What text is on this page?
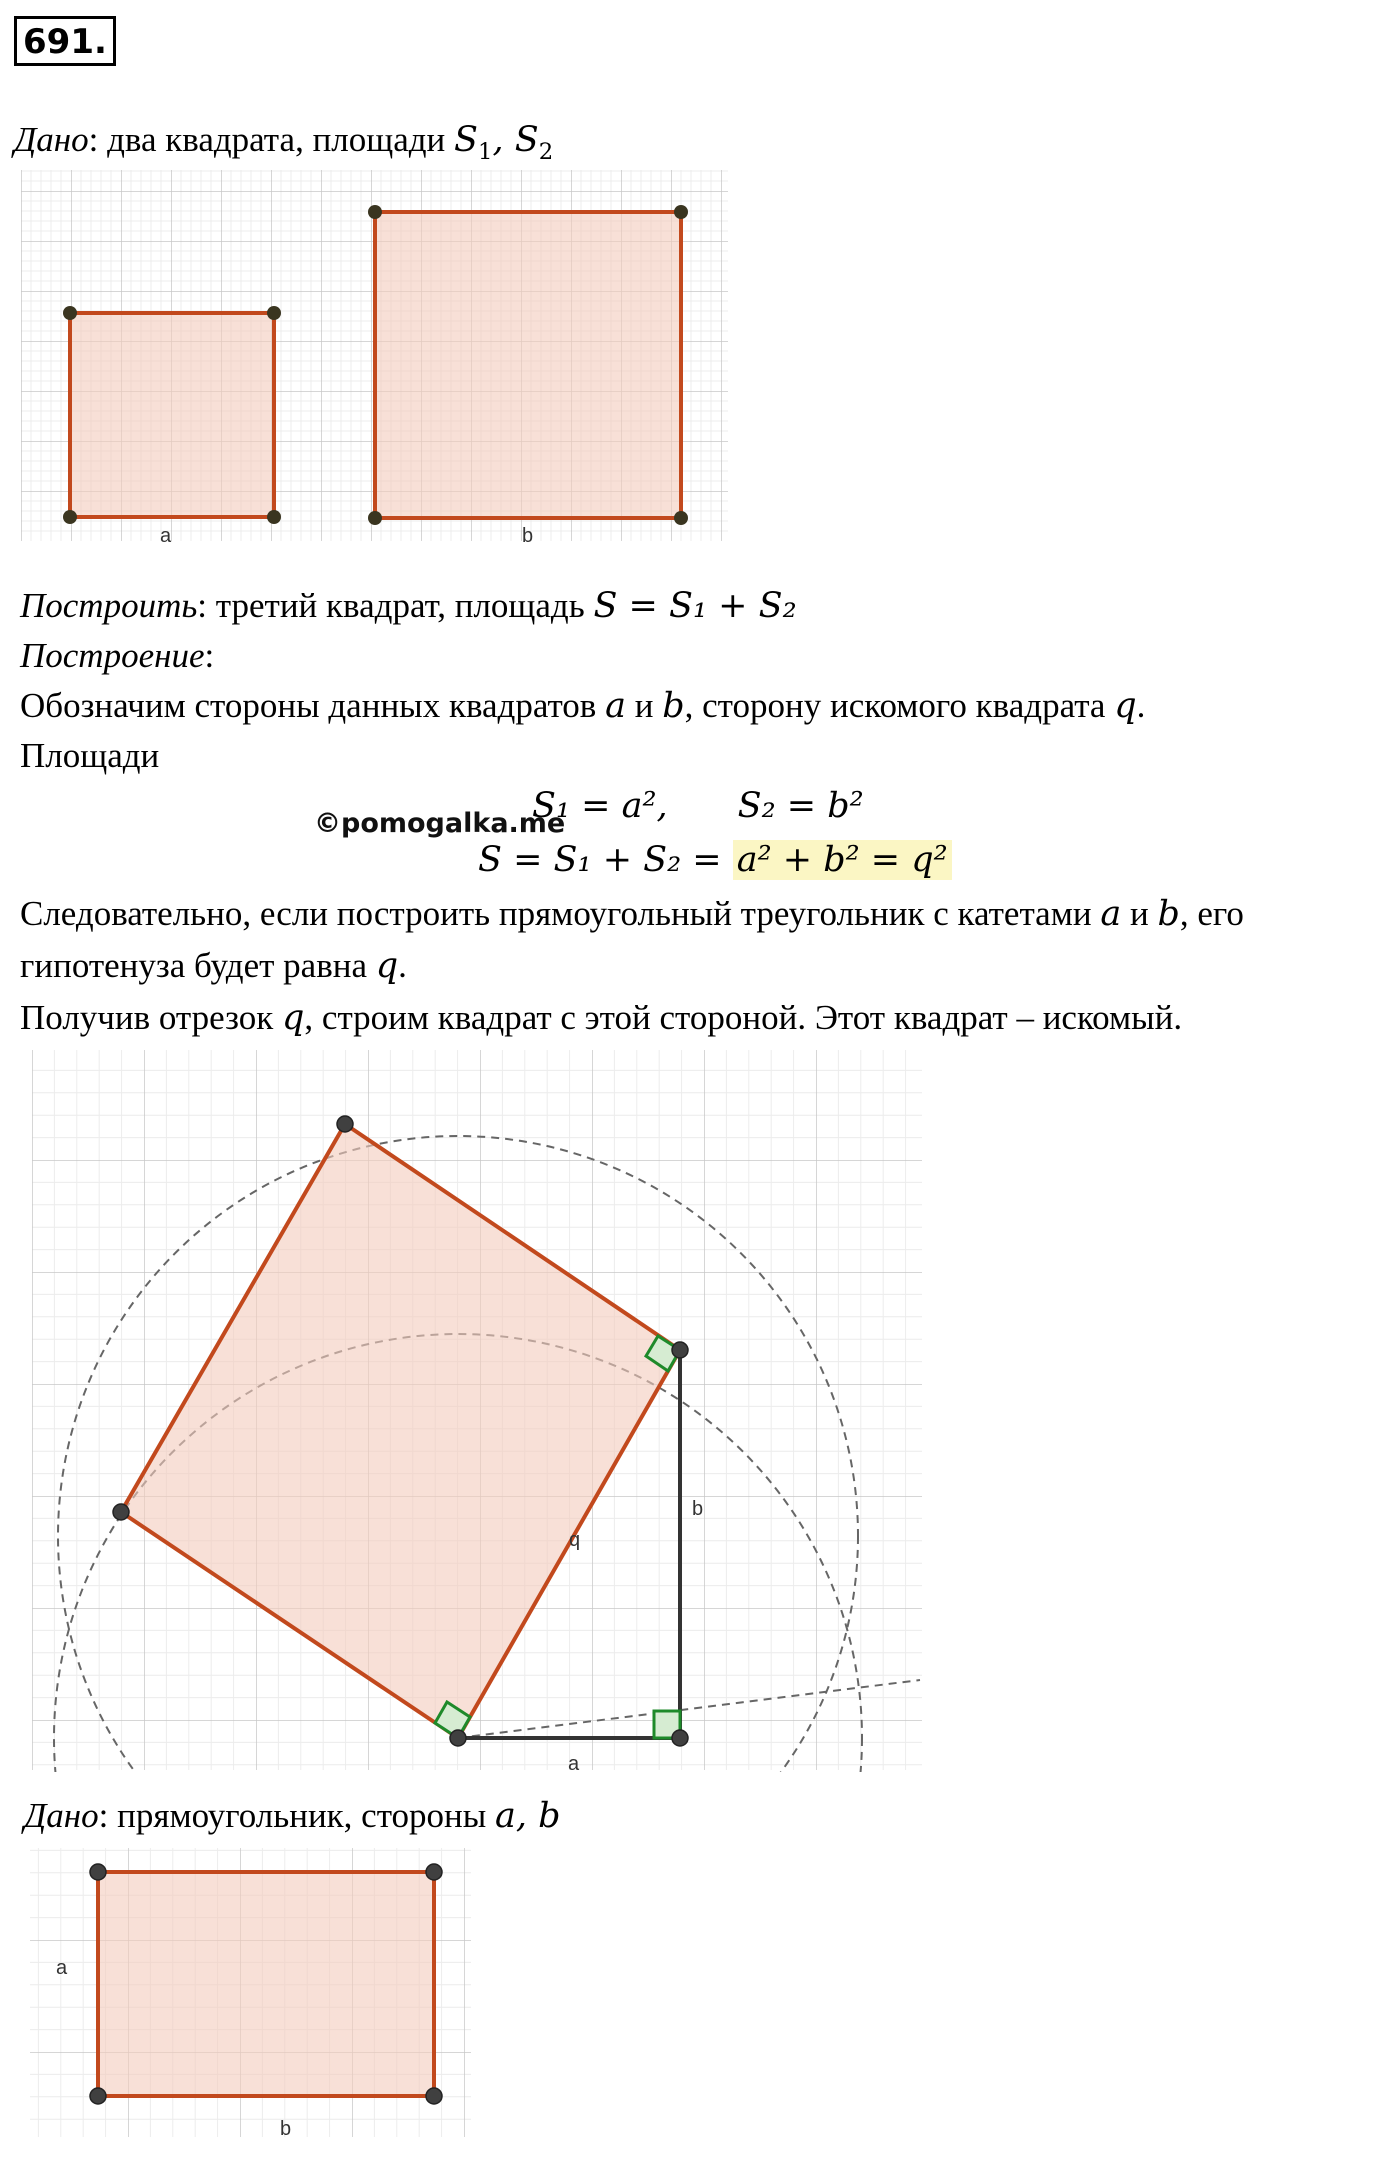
691.
Дано: два квадрата, площади $S_1$, $S_2$
a	b
Построить: третий квадрат, площадь S = S₁ + S₂
Построение:
Обозначим стороны данных квадратов a и b, сторону искомого квадрата q.
Площади
S₁ = a², S₂ = b²
©pomogalka.me
S = S₁ + S₂ = a² + b² = q²
Следовательно, если построить прямоугольный треугольник с катетами a и b, его
гипотенуза будет равна q.
Получив отрезок q, строим квадрат с этой стороной. Этот квадрат – искомый.
a
b
q
Дано: прямоугольник, стороны a, b
a
b
